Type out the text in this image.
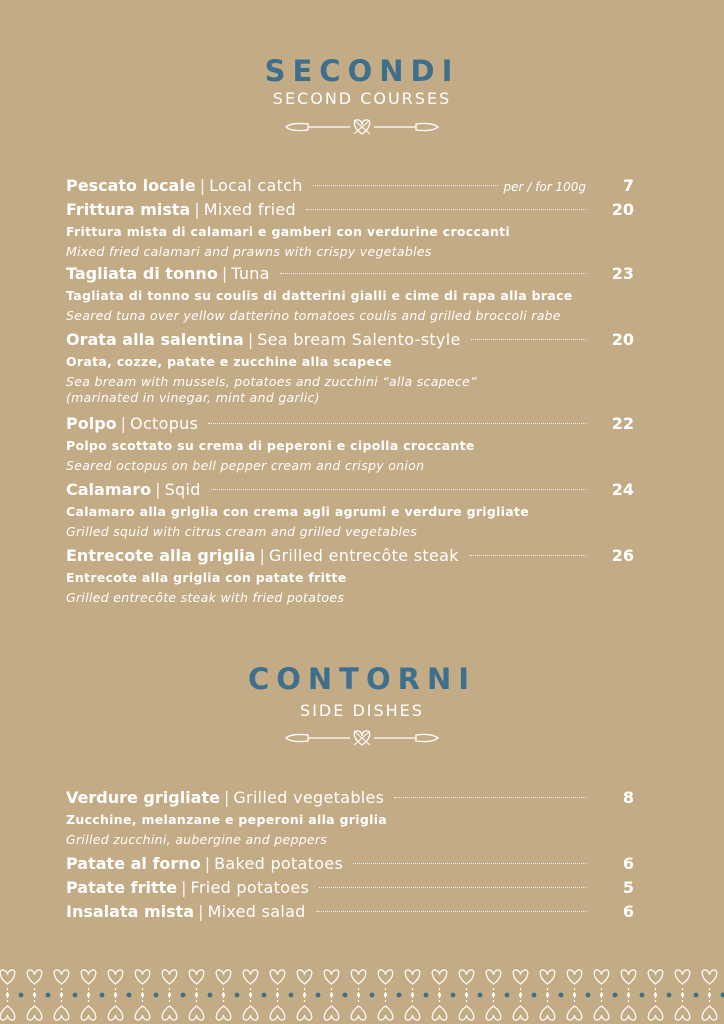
SECONDI
SECOND COURSES
Pescato locale | Local catch	per / for 100g	7
Frittura mista | Mixed fried	20
Frittura mista di calamari e gamberi con verdurine croccanti
Mixed fried calamari and prawns with crispy vegetables
Tagliata di tonno | Tuna	23
Tagliata di tonno su coulis di datterini gialli e cime di rapa alla brace
Seared tuna over yellow datterino tomatoes coulis and grilled broccoli rabe
Orata alla salentina | Sea bream Salento-style	20
Orata, cozze, patate e zucchine alla scapece
Sea bream with mussels, potatoes and zucchini “alla scapece”
(marinated in vinegar, mint and garlic)
Polpo | Octopus	22
Polpo scottato su crema di peperoni e cipolla croccante
Seared octopus on bell pepper cream and crispy onion
Calamaro | Sqid	24
Calamaro alla griglia con crema agli agrumi e verdure grigliate
Grilled squid with citrus cream and grilled vegetables
Entrecote alla griglia | Grilled entrecôte steak	26
Entrecote alla griglia con patate fritte
Grilled entrecôte steak with fried potatoes
CONTORNI
SIDE DISHES
Verdure grigliate | Grilled vegetables	8
Zucchine, melanzane e peperoni alla griglia
Grilled zucchini, aubergine and peppers
Patate al forno | Baked potatoes	6
Patate fritte | Fried potatoes	5
Insalata mista | Mixed salad	6
